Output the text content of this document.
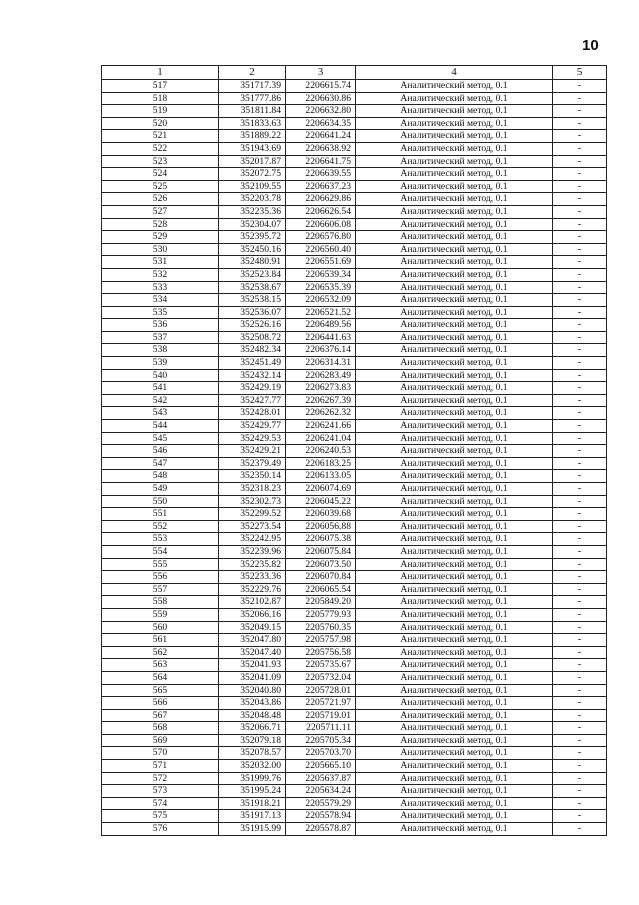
10
1	2	3	4	5
517	351717.39	2206615.74	Аналитический метод, 0.1	-
518	351777.86	2206630.86	Аналитический метод, 0.1	-
519	351811.84	2206632.80	Аналитический метод, 0.1	-
520	351833.63	2206634.35	Аналитический метод, 0.1	-
521	351889.22	2206641.24	Аналитический метод, 0.1	-
522	351943.69	2206638.92	Аналитический метод, 0.1	-
523	352017.87	2206641.75	Аналитический метод, 0.1	-
524	352072.75	2206639.55	Аналитический метод, 0.1	-
525	352109.55	2206637.23	Аналитический метод, 0.1	-
526	352203.78	2206629.86	Аналитический метод, 0.1	-
527	352235.36	2206626.54	Аналитический метод, 0.1	-
528	352304.07	2206606.08	Аналитический метод, 0.1	-
529	352395.72	2206576.80	Аналитический метод, 0.1	-
530	352450.16	2206560.40	Аналитический метод, 0.1	-
531	352480.91	2206551.69	Аналитический метод, 0.1	-
532	352523.84	2206539.34	Аналитический метод, 0.1	-
533	352538.67	2206535.39	Аналитический метод, 0.1	-
534	352538.15	2206532.09	Аналитический метод, 0.1	-
535	352536.07	2206521.52	Аналитический метод, 0.1	-
536	352526.16	2206489.56	Аналитический метод, 0.1	-
537	352508.72	2206441.63	Аналитический метод, 0.1	-
538	352482.34	2206376.14	Аналитический метод, 0.1	-
539	352451.49	2206314.31	Аналитический метод, 0.1	-
540	352432.14	2206283.49	Аналитический метод, 0.1	-
541	352429.19	2206273.83	Аналитический метод, 0.1	-
542	352427.77	2206267.39	Аналитический метод, 0.1	-
543	352428.01	2206262.32	Аналитический метод, 0.1	-
544	352429.77	2206241.66	Аналитический метод, 0.1	-
545	352429.53	2206241.04	Аналитический метод, 0.1	-
546	352429.21	2206240.53	Аналитический метод, 0.1	-
547	352379.49	2206183.25	Аналитический метод, 0.1	-
548	352350.14	2206133.05	Аналитический метод, 0.1	-
549	352318.23	2206074.69	Аналитический метод, 0.1	-
550	352302.73	2206045.22	Аналитический метод, 0.1	-
551	352299.52	2206039.68	Аналитический метод, 0.1	-
552	352273.54	2206056.88	Аналитический метод, 0.1	-
553	352242.95	2206075.38	Аналитический метод, 0.1	-
554	352239.96	2206075.84	Аналитический метод, 0.1	-
555	352235.82	2206073.50	Аналитический метод, 0.1	-
556	352233.36	2206070.84	Аналитический метод, 0.1	-
557	352229.76	2206065.54	Аналитический метод, 0.1	-
558	352102.87	2205849.20	Аналитический метод, 0.1	-
559	352066.16	2205779.93	Аналитический метод, 0.1	-
560	352049.15	2205760.35	Аналитический метод, 0.1	-
561	352047.80	2205757.98	Аналитический метод, 0.1	-
562	352047.40	2205756.58	Аналитический метод, 0.1	-
563	352041.93	2205735.67	Аналитический метод, 0.1	-
564	352041.09	2205732.04	Аналитический метод, 0.1	-
565	352040.80	2205728.01	Аналитический метод, 0.1	-
566	352043.86	2205721.97	Аналитический метод, 0.1	-
567	352048.48	2205719.01	Аналитический метод, 0.1	-
568	352066.71	2205711.11	Аналитический метод, 0.1	-
569	352079.18	2205705.34	Аналитический метод, 0.1	-
570	352078.57	2205703.70	Аналитический метод, 0.1	-
571	352032.00	2205665.10	Аналитический метод, 0.1	-
572	351999.76	2205637.87	Аналитический метод, 0.1	-
573	351995.24	2205634.24	Аналитический метод, 0.1	-
574	351918.21	2205579.29	Аналитический метод, 0.1	-
575	351917.13	2205578.94	Аналитический метод, 0.1	-
576	351915.99	2205578.87	Аналитический метод, 0.1	-
